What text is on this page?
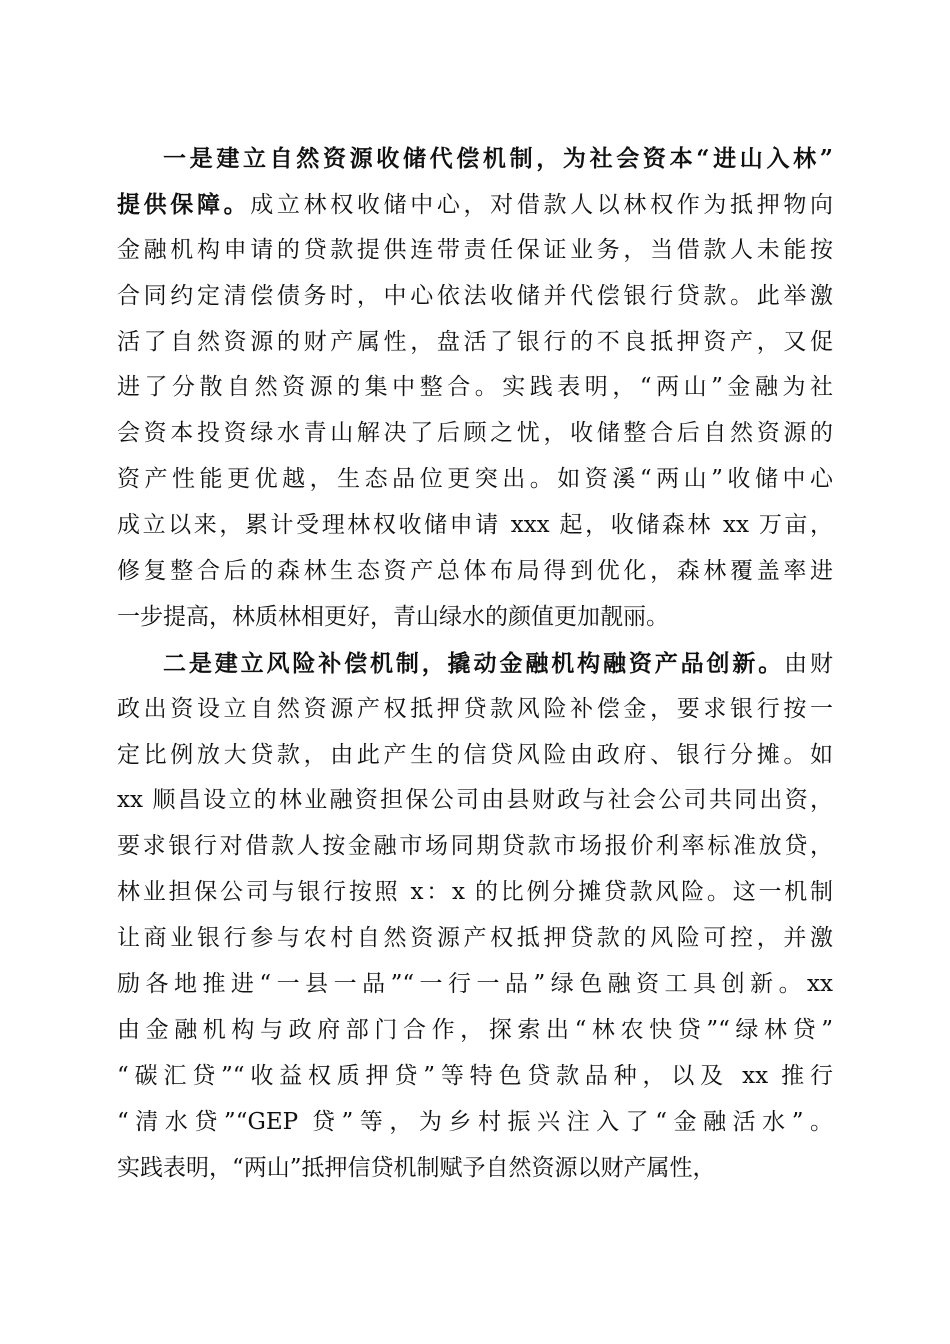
一是建立自然资源收储代偿机制，为社会资本“进山入林”
提供保障。成立林权收储中心，对借款人以林权作为抵押物向
金融机构申请的贷款提供连带责任保证业务，当借款人未能按
合同约定清偿债务时，中心依法收储并代偿银行贷款。此举激
活了自然资源的财产属性，盘活了银行的不良抵押资产，又促
进了分散自然资源的集中整合。实践表明，“两山”金融为社
会资本投资绿水青山解决了后顾之忧，收储整合后自然资源的
资产性能更优越，生态品位更突出。如资溪“两山”收储中心
成立以来，累计受理林权收储申请 xxx 起，收储森林 xx 万亩，
修复整合后的森林生态资产总体布局得到优化，森林覆盖率进
一步提高，林质林相更好，青山绿水的颜值更加靓丽。
二是建立风险补偿机制，撬动金融机构融资产品创新。由财
政出资设立自然资源产权抵押贷款风险补偿金，要求银行按一
定比例放大贷款，由此产生的信贷风险由政府、银行分摊。如
xx 顺昌设立的林业融资担保公司由县财政与社会公司共同出资，
要求银行对借款人按金融市场同期贷款市场报价利率标准放贷，
林业担保公司与银行按照 x：x 的比例分摊贷款风险。这一机制
让商业银行参与农村自然资源产权抵押贷款的风险可控，并激
励各地推进“一县一品”“一行一品”绿色融资工具创新。xx
由金融机构与政府部门合作，探索出“林农快贷”“绿林贷”
“碳汇贷”“收益权质押贷”等特色贷款品种，以及 xx 推行
“清水贷”“GEP 贷”等，为乡村振兴注入了“金融活水”。
实践表明，“两山”抵押信贷机制赋予自然资源以财产属性，
